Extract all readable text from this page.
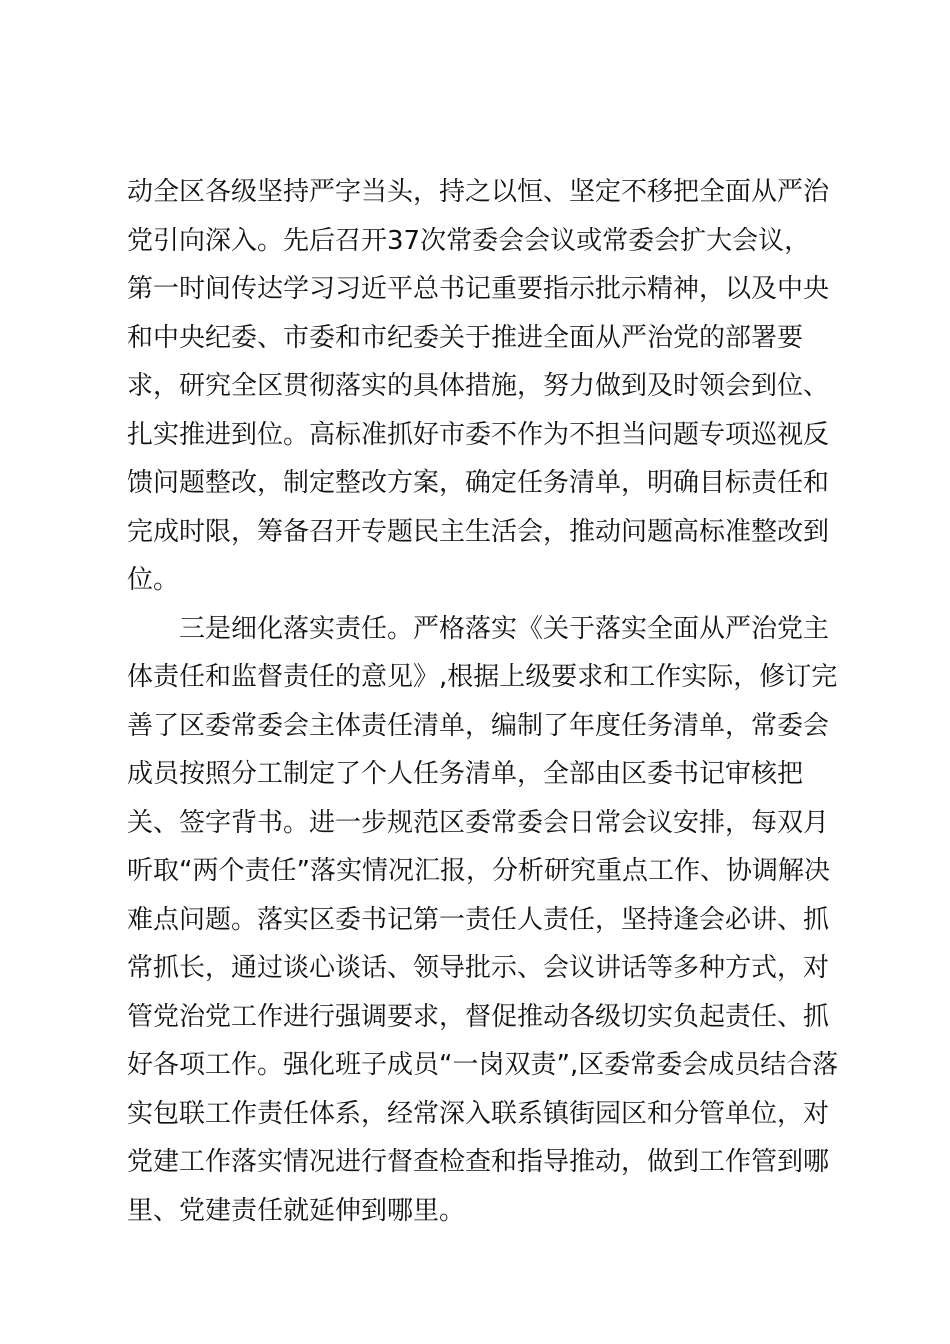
动全区各级坚持严字当头，持之以恒、坚定不移把全面从严治
党引向深入。先后召开37次常委会会议或常委会扩大会议，
第一时间传达学习习近平总书记重要指示批示精神，以及中央
和中央纪委、市委和市纪委关于推进全面从严治党的部署要
求，研究全区贯彻落实的具体措施，努力做到及时领会到位、
扎实推进到位。高标准抓好市委不作为不担当问题专项巡视反
馈问题整改，制定整改方案，确定任务清单，明确目标责任和
完成时限，筹备召开专题民主生活会，推动问题高标准整改到
位。
三是细化落实责任。严格落实《关于落实全面从严治党主
体责任和监督责任的意见》,根据上级要求和工作实际，修订完
善了区委常委会主体责任清单，编制了年度任务清单，常委会
成员按照分工制定了个人任务清单，全部由区委书记审核把
关、签字背书。进一步规范区委常委会日常会议安排，每双月
听取“两个责任”落实情况汇报，分析研究重点工作、协调解决
难点问题。落实区委书记第一责任人责任，坚持逢会必讲、抓
常抓长，通过谈心谈话、领导批示、会议讲话等多种方式，对
管党治党工作进行强调要求，督促推动各级切实负起责任、抓
好各项工作。强化班子成员“一岗双责”,区委常委会成员结合落
实包联工作责任体系，经常深入联系镇街园区和分管单位，对
党建工作落实情况进行督查检查和指导推动，做到工作管到哪
里、党建责任就延伸到哪里。
